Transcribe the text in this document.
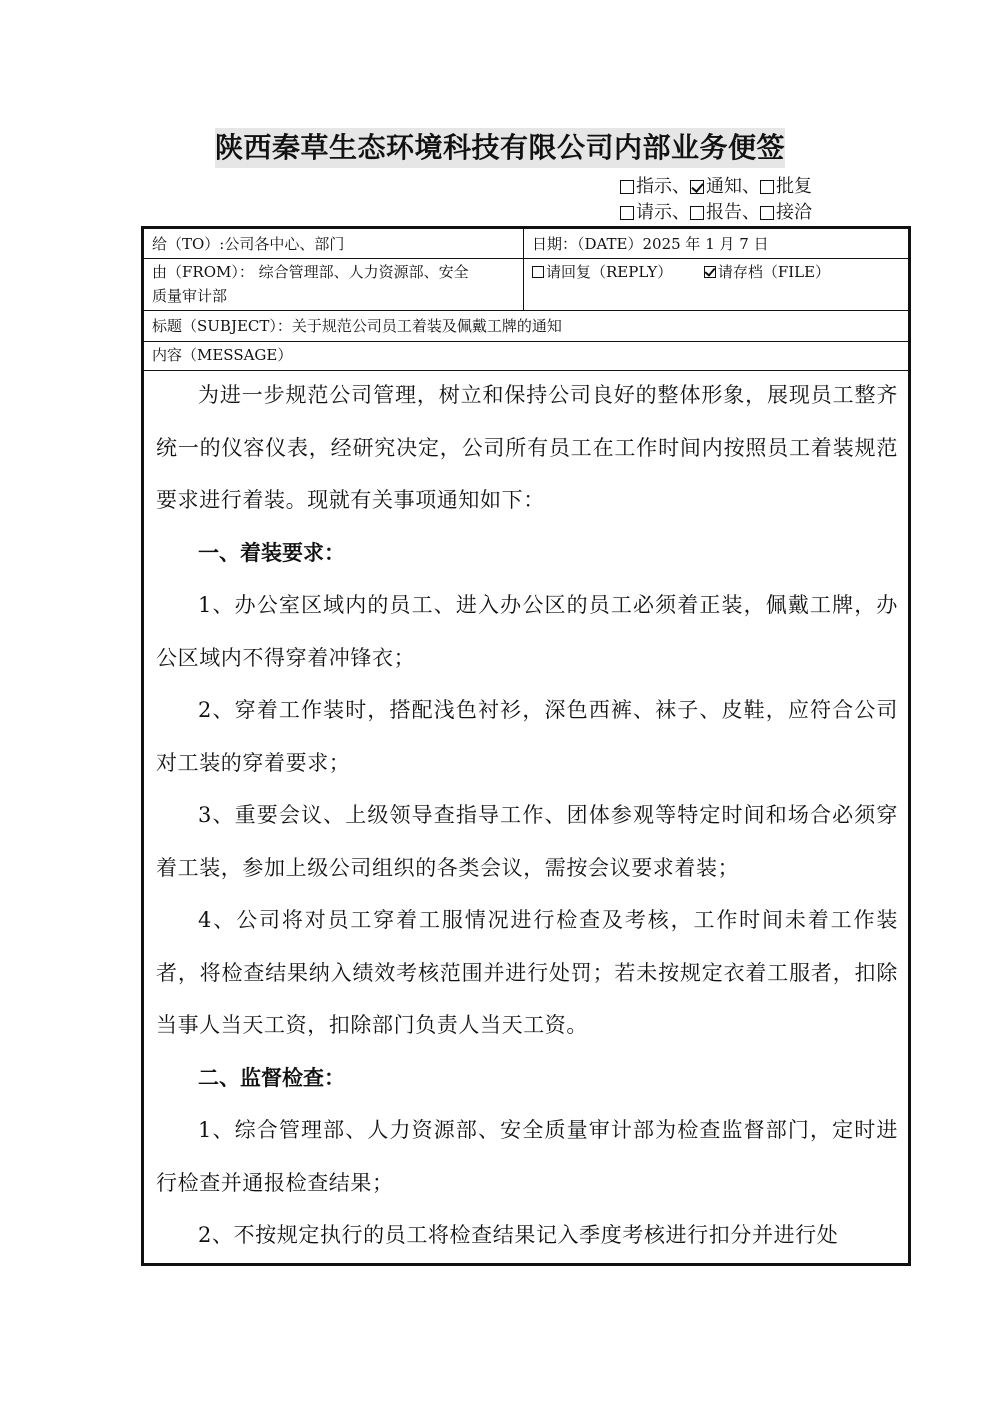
陕西秦草生态环境科技有限公司内部业务便签
指示 、 通知 、 批复
请示 、 报告 、 接洽
给（TO）:公司各中心、部门	日期：（DATE）2025 年 1 月 7 日
由（FROM）： 综合管理部、人力资源部、安全
质量审计部
请回复（REPLY）	请存档（FILE）
标题（SUBJECT）：关于规范公司员工着装及佩戴工牌的通知
内容（MESSAGE）

为进一步规范公司管理，树立和保持公司良好的整体形象，展现员工整齐统一的仪容仪表，经研究决定，公司所有员工在工作时间内按照员工着装规范要求进行着装。现就有关事项通知如下：

一、着装要求：

1、办公室区域内的员工、进入办公区的员工必须着正装，佩戴工牌，办公区域内不得穿着冲锋衣；

2、穿着工作装时，搭配浅色衬衫，深色西裤、袜子、皮鞋，应符合公司对工装的穿着要求；

3、重要会议、上级领导查指导工作、团体参观等特定时间和场合必须穿着工装，参加上级公司组织的各类会议，需按会议要求着装；

4、公司将对员工穿着工服情况进行检查及考核，工作时间未着工作装者，将检查结果纳入绩效考核范围并进行处罚；若未按规定衣着工服者，扣除当事人当天工资，扣除部门负责人当天工资。

二、监督检查：

1、综合管理部、人力资源部、安全质量审计部为检查监督部门，定时进行检查并通报检查结果；

2、不按规定执行的员工将检查结果记入季度考核进行扣分并进行处
